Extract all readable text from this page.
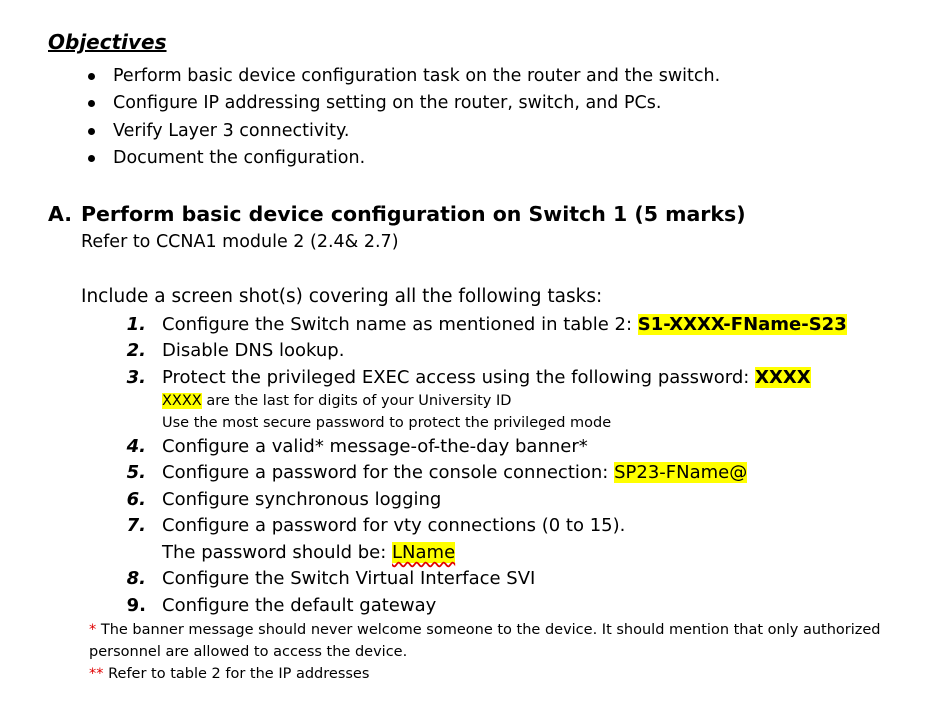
Objectives
Perform basic device configuration task on the router and the switch.
Configure IP addressing setting on the router, switch, and PCs.
Verify Layer 3 connectivity.
Document the configuration.
A. Perform basic device configuration on Switch 1 (5 marks)
Refer to CCNA1 module 2 (2.4& 2.7)
Include a screen shot(s) covering all the following tasks:
1. Configure the Switch name as mentioned in table 2: S1-XXXX-FName-S23
2. Disable DNS lookup.
3. Protect the privileged EXEC access using the following password: XXXX
XXXX are the last for digits of your University ID
Use the most secure password to protect the privileged mode
4. Configure a valid* message-of-the-day banner*
5. Configure a password for the console connection: SP23-FName@
6. Configure synchronous logging
7. Configure a password for vty connections (0 to 15).
The password should be: LName
8. Configure the Switch Virtual Interface SVI
9. Configure the default gateway
* The banner message should never welcome someone to the device. It should mention that only authorized
personnel are allowed to access the device.
** Refer to table 2 for the IP addresses
